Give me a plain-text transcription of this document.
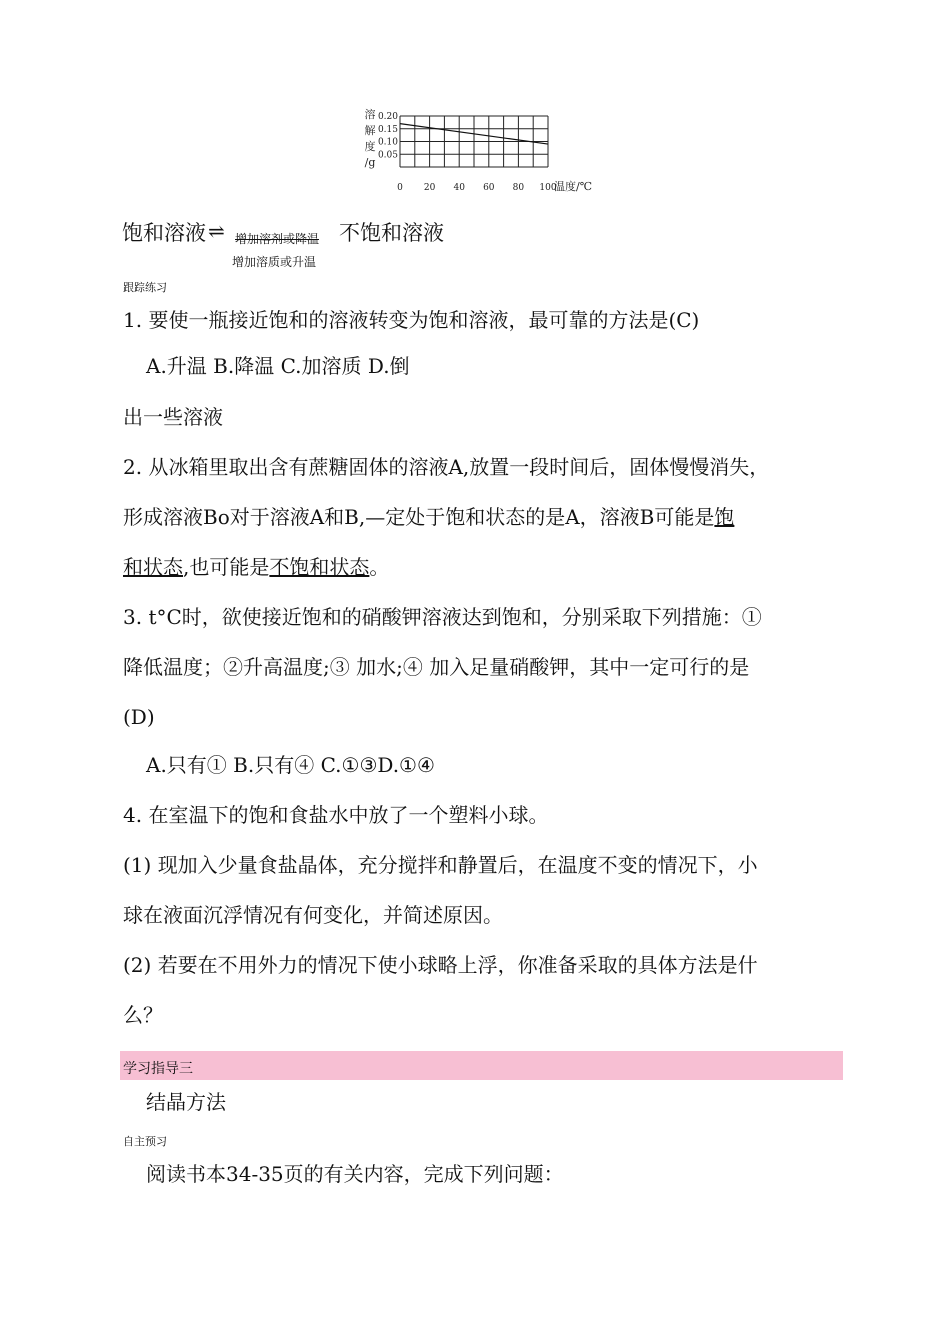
0.20
0.15
0.10
0.05
0 20 40 60 80 100
溶
解
度
/g
温度/℃
饱和溶液 ⇌ 增加溶剂或降温 不饱和溶液
增加溶质或升温
跟踪练习
1. 要使一瓶接近饱和的溶液转变为饱和溶液，最可靠的方法是(C)
A.升温 B.降温 C.加溶质 D.倒
出一些溶液
2. 从冰箱里取出含有蔗糖固体的溶液A,放置一段时间后，固体慢慢消失，
形成溶液Bo对于溶液A和B,—定处于饱和状态的是A，溶液B可能是饱
和状态,也可能是不饱和状态。
3. t°C时，欲使接近饱和的硝酸钾溶液达到饱和，分别采取下列措施：①
降低温度；②升高温度;③ 加水;④ 加入足量硝酸钾，其中一定可行的是
(D)
A.只有① B.只有④ C.①③D.①④
4. 在室温下的饱和食盐水中放了一个塑料小球。
(1) 现加入少量食盐晶体，充分搅拌和静置后，在温度不变的情况下，小
球在液面沉浮情况有何变化，并简述原因。
(2) 若要在不用外力的情况下使小球略上浮，你准备采取的具体方法是什
么？
学习指导三
结晶方法
自主预习
阅读书本34-35页的有关内容，完成下列问题：
